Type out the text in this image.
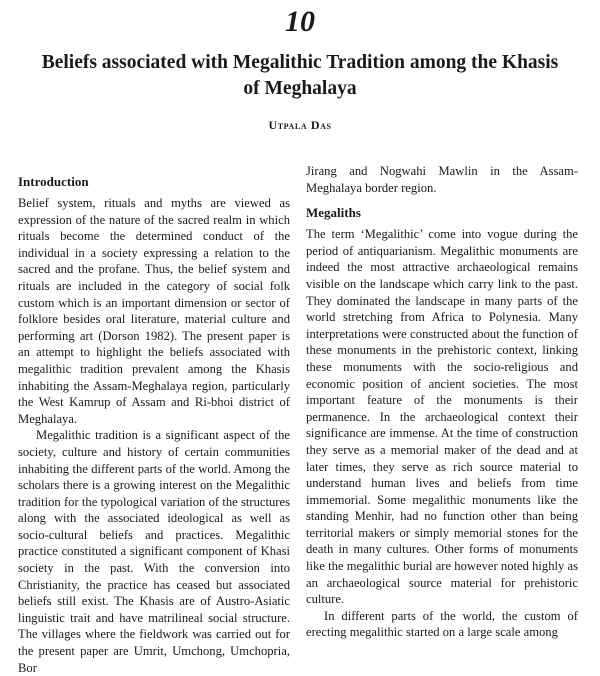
10
Beliefs associated with Megalithic Tradition among the Khasis of Meghalaya
Utpala Das
Introduction

Belief system, rituals and myths are viewed as expression of the nature of the sacred realm in which rituals become the determined conduct of the individual in a society expressing a relation to the sacred and the profane. Thus, the belief system and rituals are included in the category of social folk custom which is an important dimension or sector of folklore besides oral literature, material culture and performing art (Dorson 1982). The present paper is an attempt to highlight the beliefs associated with megalithic tradition prevalent among the Khasis inhabiting the Assam-Meghalaya region, particularly the West Kamrup of Assam and Ri-bhoi district of Meghalaya.

Megalithic tradition is a significant aspect of the society, culture and history of certain communities inhabiting the different parts of the world. Among the scholars there is a growing interest on the Megalithic tradition for the typological variation of the structures along with the associated ideological as well as socio-cultural beliefs and practices. Megalithic practice constituted a significant component of Khasi society in the past. With the conversion into Christianity, the practice has ceased but associated beliefs still exist. The Khasis are of Austro-Asiatic linguistic trait and have matrilineal social structure. The villages where the fieldwork was carried out for the present paper are Umrit, Umchong, Umchopria, Bor

Jirang and Nogwahi Mawlin in the Assam-Meghalaya border region.

Megaliths

The term ‘Megalithic’ come into vogue during the period of antiquarianism. Megalithic monuments are indeed the most attractive archaeological remains visible on the landscape which carry link to the past. They dominated the landscape in many parts of the world stretching from Africa to Polynesia. Many interpretations were constructed about the function of these monuments in the prehistoric context, linking these monuments with the socio-religious and economic position of ancient societies. The most important feature of the monuments is their permanence. In the archaeological context their significance are immense. At the time of construction they serve as a memorial maker of the dead and at later times, they serve as rich source material to understand human lives and beliefs from time immemorial. Some megalithic monuments like the standing Menhir, had no function other than being territorial makers or simply memorial stones for the death in many cultures. Other forms of monuments like the megalithic burial are however noted highly as an archaeological source material for prehistoric culture.

In different parts of the world, the custom of erecting megalithic started on a large scale among
